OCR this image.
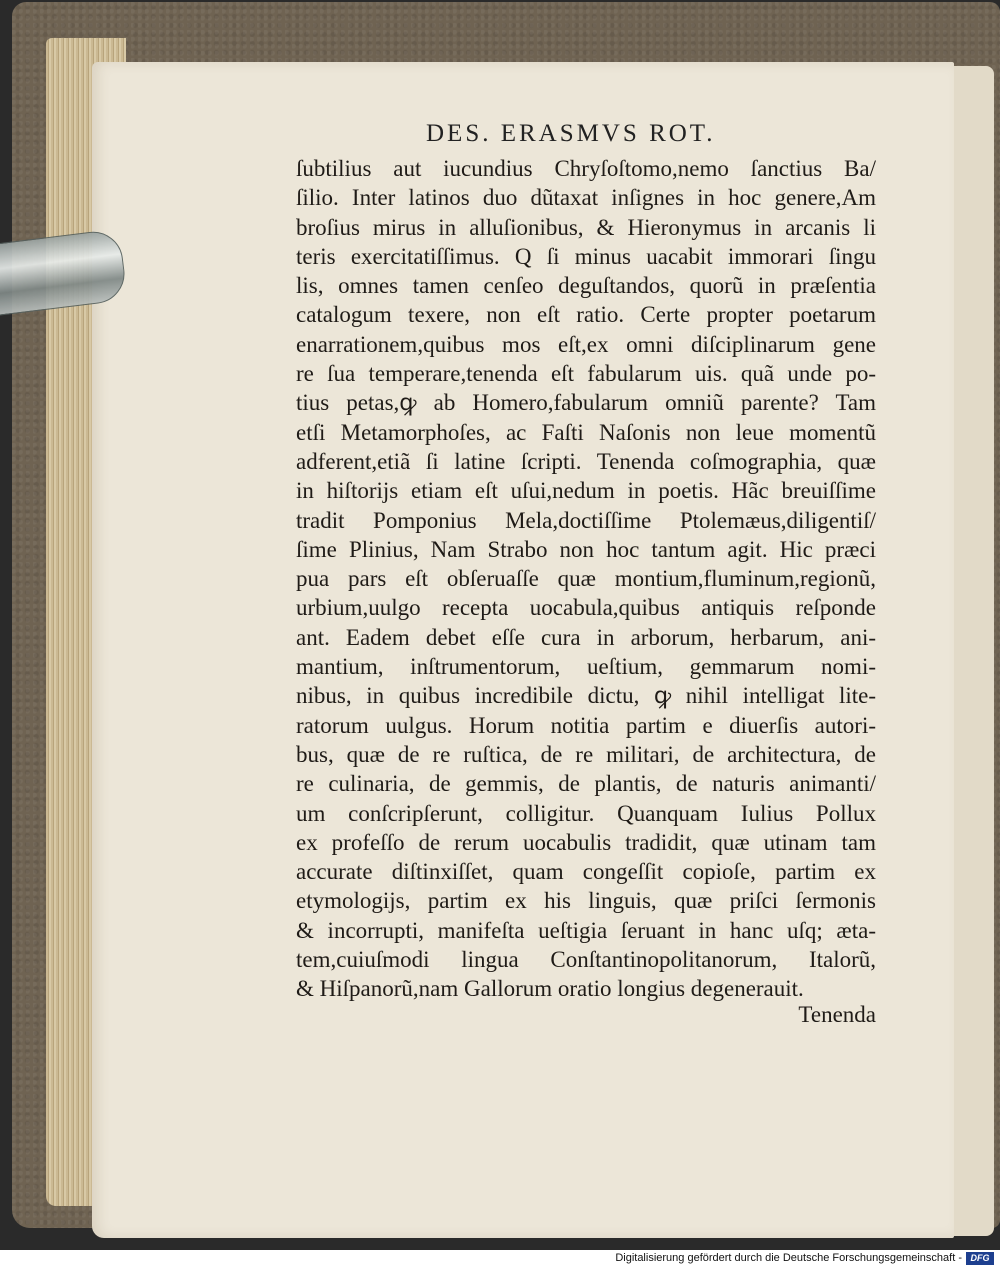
DES. ERASMVS ROT.
ſubtilius aut iucundius Chryſoſtomo,nemo ſanctius Ba/
ſilio. Inter latinos duo dũtaxat inſignes in hoc genere,Am
broſius mirus in alluſionibus, & Hieronymus in arcanis li
teris exercitatiſſimus. Q ſi minus uacabit immorari ſingu
lis, omnes tamen cenſeo deguſtandos, quorũ in præſentia
catalogum texere, non eſt ratio. Certe propter poetarum
enarrationem,quibus mos eſt,ex omni diſciplinarum gene
re ſua temperare,tenenda eſt fabularum uis. quã unde po-
tius petas,ꝙ ab Homero,fabularum omniũ parente? Tam
etſi Metamorphoſes, ac Faſti Naſonis non leue momentũ
adferent,etiã ſi latine ſcripti. Tenenda coſmographia, quæ
in hiſtorijs etiam eſt uſui,nedum in poetis. Hãc breuiſſime
tradit Pomponius Mela,doctiſſime Ptolemæus,diligentiſ/
ſime Plinius, Nam Strabo non hoc tantum agit. Hic præci
pua pars eſt obſeruaſſe quæ montium,fluminum,regionũ,
urbium,uulgo recepta uocabula,quibus antiquis reſponde
ant. Eadem debet eſſe cura in arborum, herbarum, ani-
mantium, inſtrumentorum, ueſtium, gemmarum nomi-
nibus, in quibus incredibile dictu, ꝙ nihil intelligat lite-
ratorum uulgus. Horum notitia partim e diuerſis autori-
bus, quæ de re ruſtica, de re militari, de architectura, de
re culinaria, de gemmis, de plantis, de naturis animanti/
um conſcripſerunt, colligitur. Quanquam Iulius Pollux
ex profeſſo de rerum uocabulis tradidit, quæ utinam tam
accurate diſtinxiſſet, quam congeſſit copioſe, partim ex
etymologijs, partim ex his linguis, quæ priſci ſermonis
& incorrupti, manifeſta ueſtigia ſeruant in hanc uſq; æta-
tem,cuiuſmodi lingua Conſtantinopolitanorum, Italorũ,
& Hiſpanorũ,nam Gallorum oratio longius degenerauit.
Tenenda
Digitalisierung gefördert durch die Deutsche Forschungsgemeinschaft - DFG
